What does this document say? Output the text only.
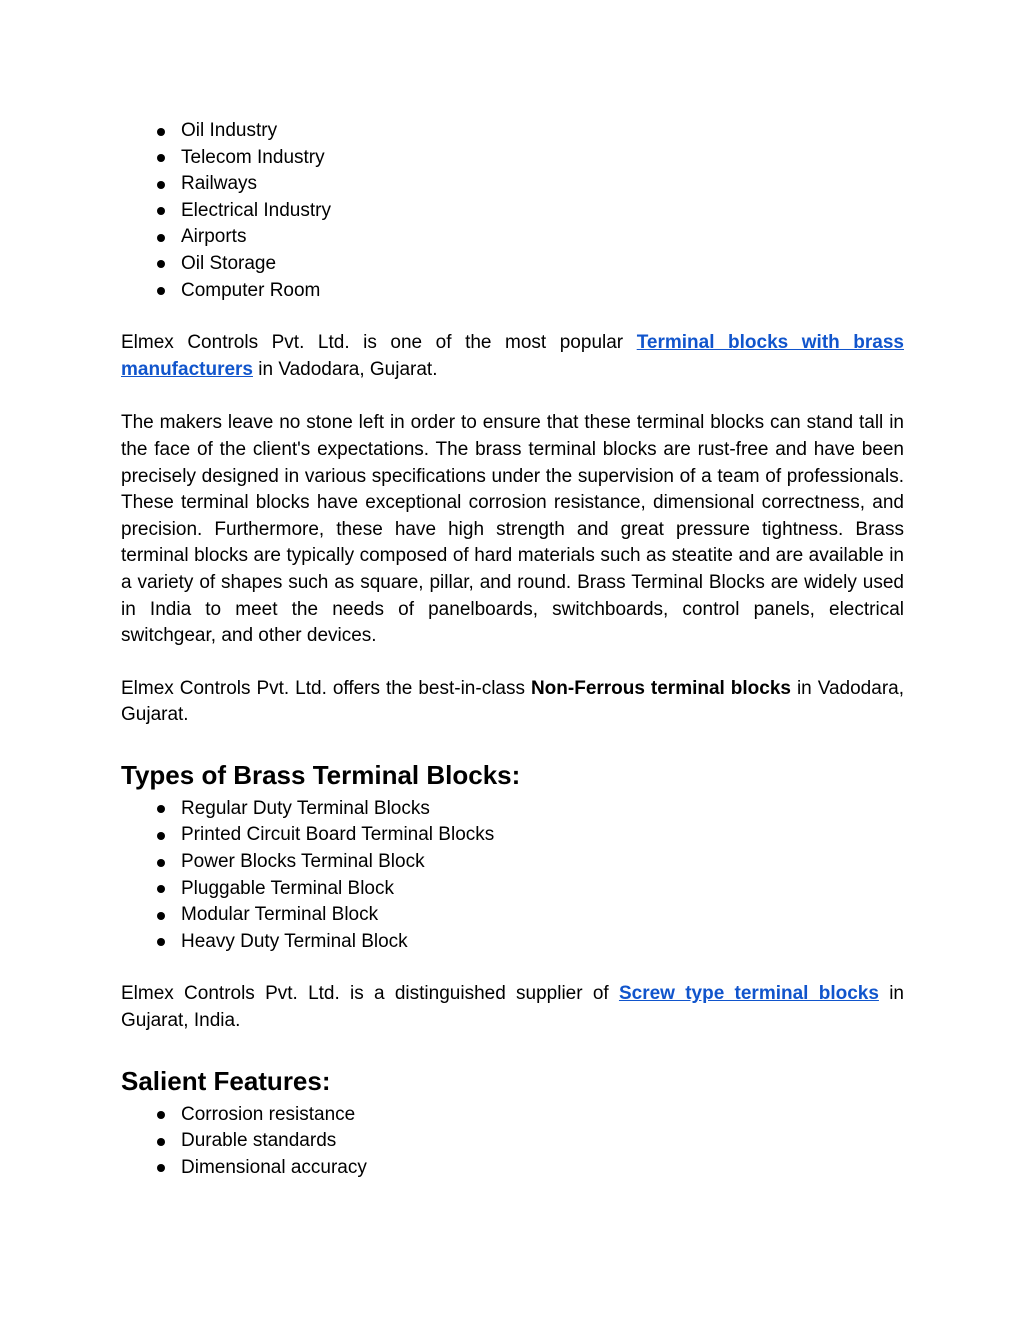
Oil Industry
Telecom Industry
Railways
Electrical Industry
Airports
Oil Storage
Computer Room

Elmex Controls Pvt. Ltd. is one of the most popular Terminal blocks with brass manufacturers in Vadodara, Gujarat.

The makers leave no stone left in order to ensure that these terminal blocks can stand tall in the face of the client's expectations. The brass terminal blocks are rust-free and have been precisely designed in various specifications under the supervision of a team of professionals. These terminal blocks have exceptional corrosion resistance, dimensional correctness, and precision. Furthermore, these have high strength and great pressure tightness. Brass terminal blocks are typically composed of hard materials such as steatite and are available in a variety of shapes such as square, pillar, and round. Brass Terminal Blocks are widely used in India to meet the needs of panelboards, switchboards, control panels, electrical switchgear, and other devices.

Elmex Controls Pvt. Ltd. offers the best-in-class Non-Ferrous terminal blocks in Vadodara, Gujarat.

Types of Brass Terminal Blocks:
Regular Duty Terminal Blocks
Printed Circuit Board Terminal Blocks
Power Blocks Terminal Block
Pluggable Terminal Block
Modular Terminal Block
Heavy Duty Terminal Block

Elmex Controls Pvt. Ltd. is a distinguished supplier of Screw type terminal blocks in Gujarat, India.

Salient Features:
Corrosion resistance
Durable standards
Dimensional accuracy
